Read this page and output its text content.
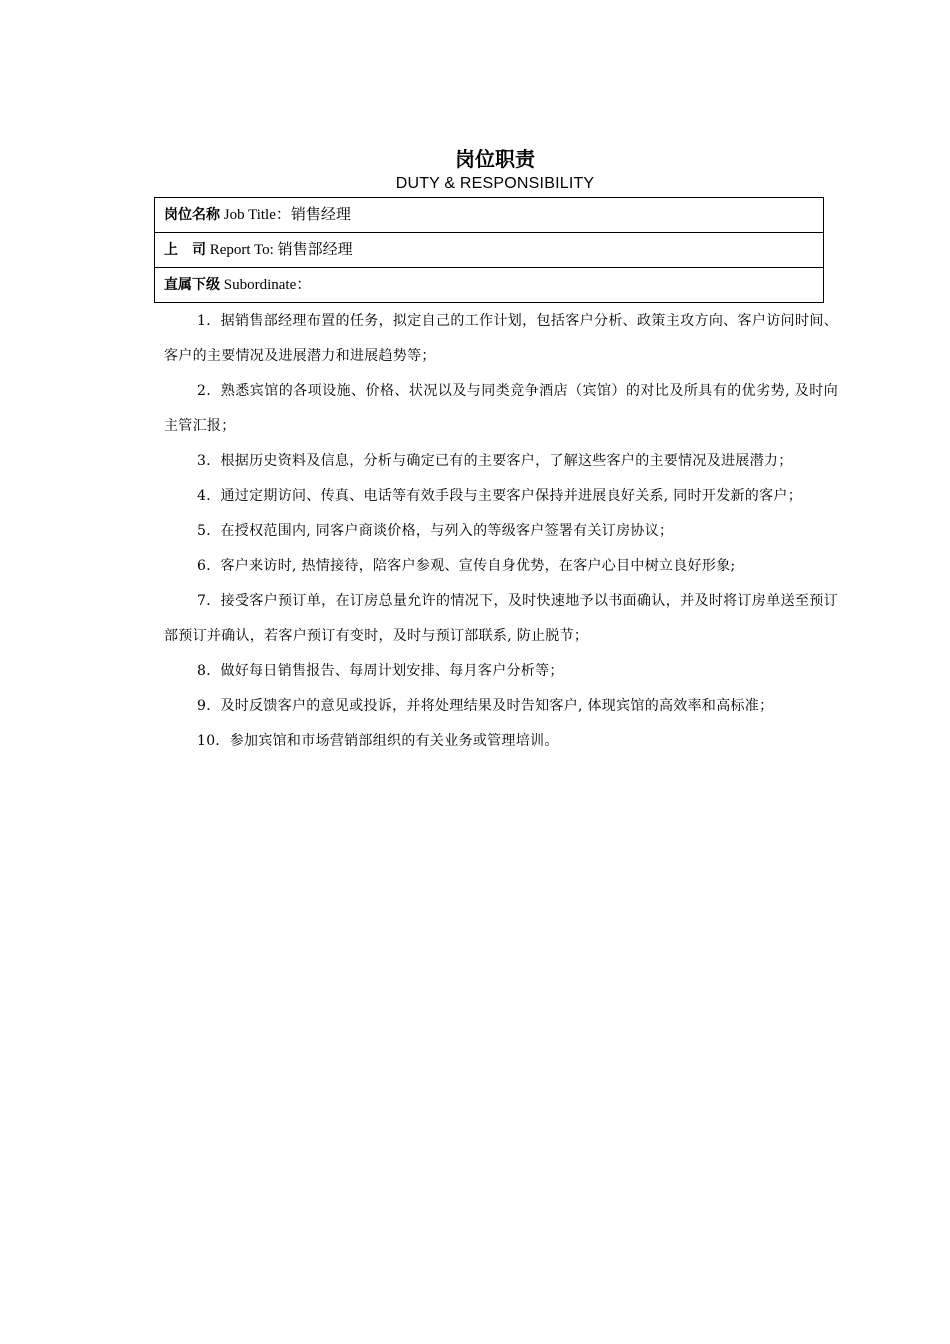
岗位职责
DUTY & RESPONSIBILITY
岗位名称 Job Title：销售经理
上　司 Report To: 销售部经理
直属下级 Subordinate：
1．据销售部经理布置的任务，拟定自己的工作计划，包括客户分析、政策主攻方向、客户访问时间、客户的主要情况及进展潜力和进展趋势等；
2．熟悉宾馆的各项设施、价格、状况以及与同类竞争酒店（宾馆）的对比及所具有的优劣势, 及时向主管汇报；
3．根据历史资料及信息，分析与确定已有的主要客户，了解这些客户的主要情况及进展潜力；
4．通过定期访问、传真、电话等有效手段与主要客户保持并进展良好关系, 同时开发新的客户；
5．在授权范围内, 同客户商谈价格，与列入的等级客户签署有关订房协议；
6．客户来访时, 热情接待，陪客户参观、宣传自身优势，在客户心目中树立良好形象;
7．接受客户预订单，在订房总量允许的情况下，及时快速地予以书面确认，并及时将订房单送至预订部预订并确认，若客户预订有变时，及时与预订部联系, 防止脱节；
8．做好每日销售报告、每周计划安排、每月客户分析等；
9．及时反馈客户的意见或投诉，并将处理结果及时告知客户, 体现宾馆的高效率和高标准；
10．参加宾馆和市场营销部组织的有关业务或管理培训。
